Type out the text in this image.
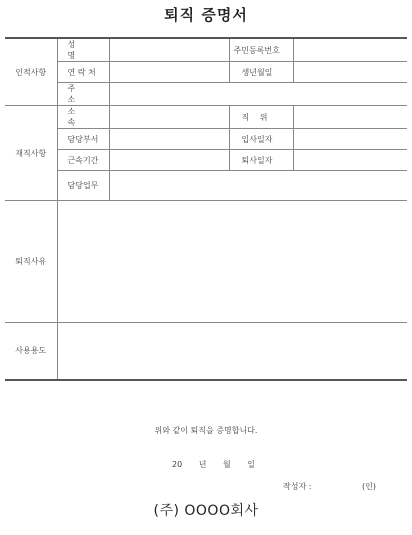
퇴직 증명서
인적사항	성 명		주민등록번호	
	연 락 처		생년월일	
	주 소			
재직사항	소 속		직 위	
	담당부서		입사일자	
	근속기간		퇴사일자	
	담당업무			
퇴직사유				
사용용도				
위와 같이 퇴직을 증명합니다.
20 년 월 일
작성자 :	(인)
(주) OOOO회사
